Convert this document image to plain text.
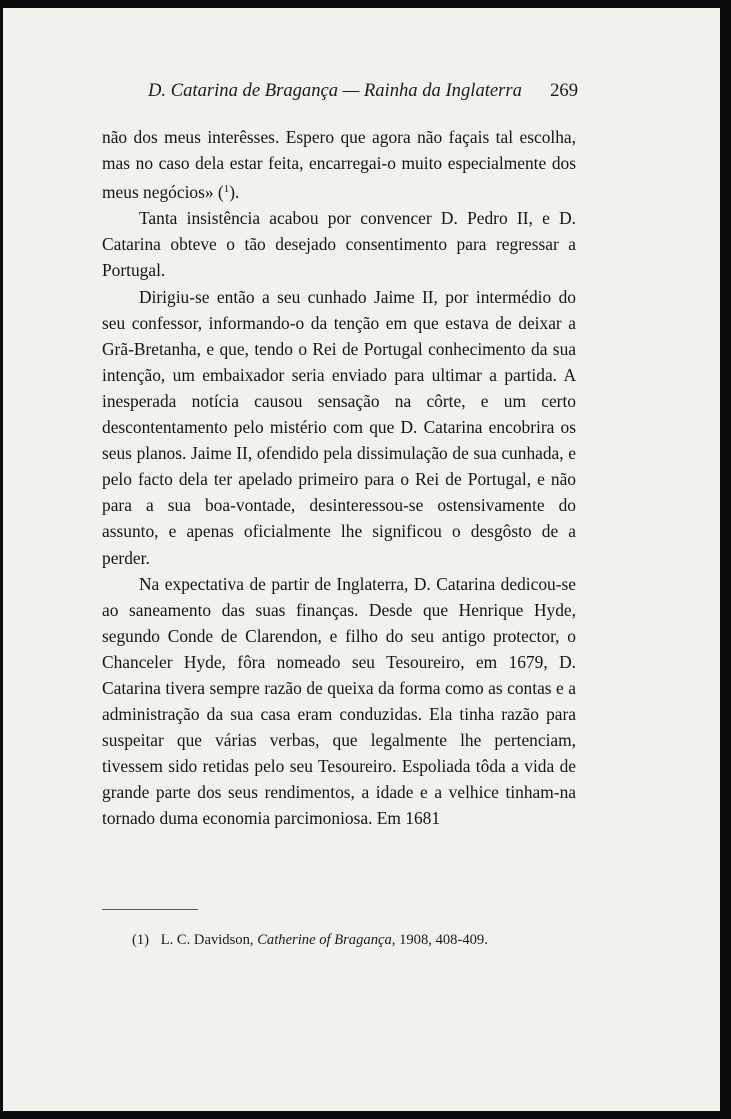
D. Catarina de Bragança — Rainha da Inglaterra 269

não dos meus interêsses. Espero que agora não façais tal escolha, mas no caso dela estar feita, encarregai-o muito especialmente dos meus negócios» ($^1$).

Tanta insistência acabou por convencer D. Pedro II, e D. Catarina obteve o tão desejado consentimento para regressar a Portugal.

Dirigiu-se então a seu cunhado Jaime II, por intermédio do seu confessor, informando-o da tenção em que estava de deixar a Grã-Bretanha, e que, tendo o Rei de Portugal conhecimento da sua intenção, um embaixador seria enviado para ultimar a partida. A inesperada notícia causou sensação na côrte, e um certo descontentamento pelo mistério com que D. Catarina encobrira os seus planos. Jaime II, ofendido pela dissimulação de sua cunhada, e pelo facto dela ter apelado primeiro para o Rei de Portugal, e não para a sua boa-vontade, desinteressou-se ostensivamente do assunto, e apenas oficialmente lhe significou o desgôsto de a perder.

Na expectativa de partir de Inglaterra, D. Catarina dedicou-se ao saneamento das suas finanças. Desde que Henrique Hyde, segundo Conde de Clarendon, e filho do seu antigo protector, o Chanceler Hyde, fôra nomeado seu Tesoureiro, em 1679, D. Catarina tivera sempre razão de queixa da forma como as contas e a administração da sua casa eram conduzidas. Ela tinha razão para suspeitar que várias verbas, que legalmente lhe pertenciam, tivessem sido retidas pelo seu Tesoureiro. Espoliada tôda a vida de grande parte dos seus rendimentos, a idade e a velhice tinham-na tornado duma economia parcimoniosa. Em 1681

(1) L. C. Davidson, Catherine of Bragança, 1908, 408-409.
